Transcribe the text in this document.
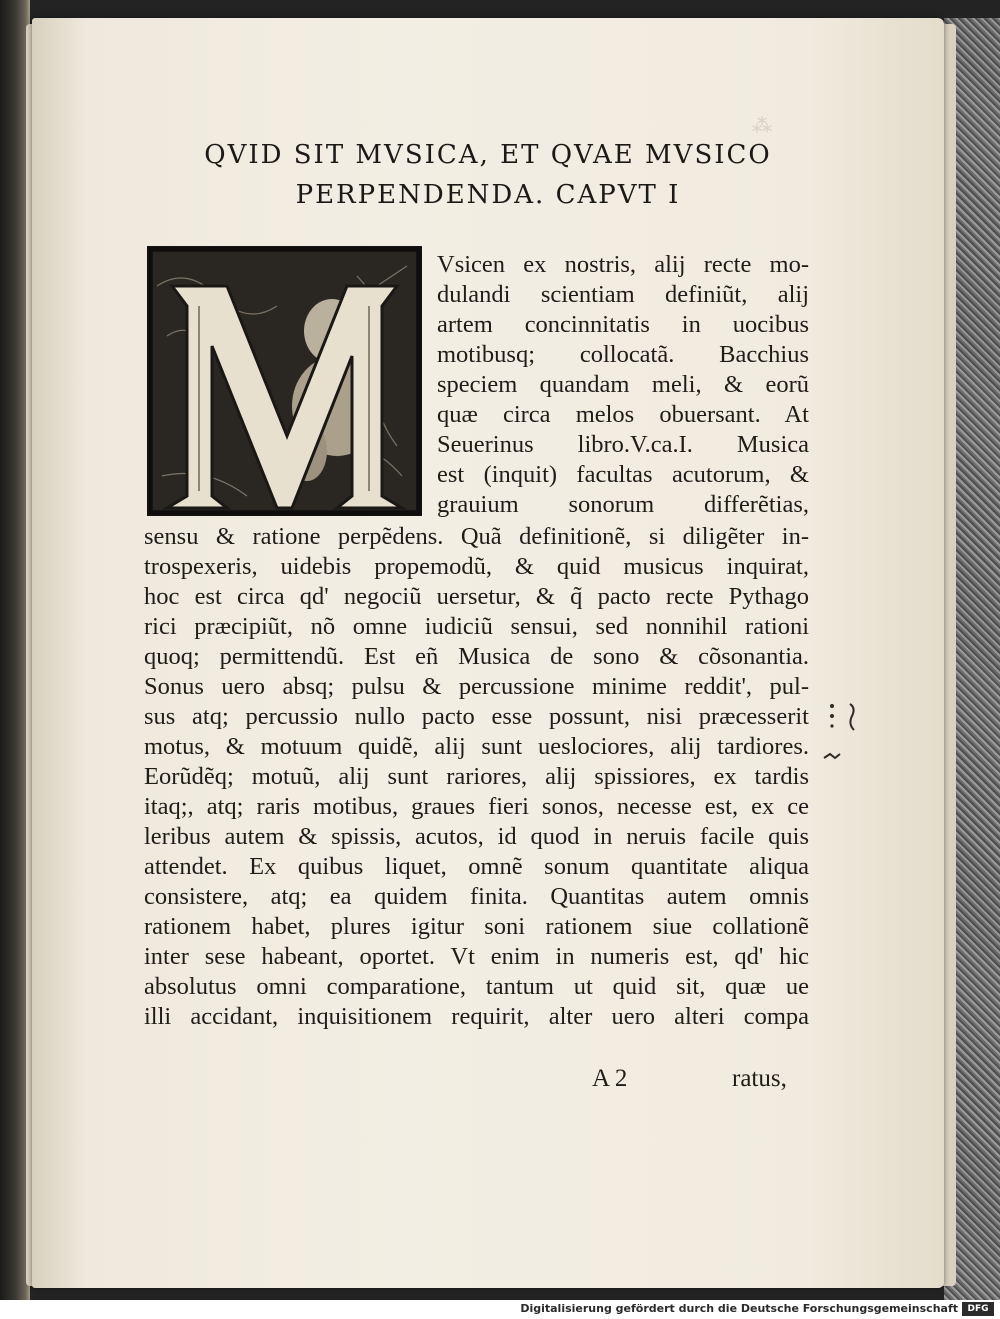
⁂
QVID SIT MVSICA, ET QVAE MVSICO
PERPENDENDA. CAPVT I
Vsicen ex nostris, alij recte mo-
dulandi scientiam definiũt, alij
artem concinnitatis in uocibus
motibusq; collocatã. Bacchius
speciem quandam meli, & eorũ
quæ circa melos obuersant. At
Seuerinus libro.V.ca.I. Musica
est (inquit) facultas acutorum, &
grauium sonorum differẽtias,
sensu & ratione perpẽdens. Quã definitionẽ, si diligẽter in-
trospexeris, uidebis propemodũ, & quid musicus inquirat,
hoc est circa qd' negociũ uersetur, & q̃ pacto recte Pythago
rici præcipiũt, nõ omne iudiciũ sensui, sed nonnihil rationi
quoq; permittendũ. Est eñ Musica de sono & cõsonantia.
Sonus uero absq; pulsu & percussione minime reddit', pul-
sus atq; percussio nullo pacto esse possunt, nisi præcesserit
motus, & motuum quidẽ, alij sunt ueslociores, alij tardiores.
Eorũdẽq; motuũ, alij sunt rariores, alij spissiores, ex tardis
itaq;, atq; raris motibus, graues fieri sonos, necesse est, ex ce
leribus autem & spissis, acutos, id quod in neruis facile quis
attendet. Ex quibus liquet, omnẽ sonum quantitate aliqua
consistere, atq; ea quidem finita. Quantitas autem omnis
rationem habet, plures igitur soni rationem siue collationẽ
inter sese habeant, oportet. Vt enim in numeris est, qd' hic
absolutus omni comparatione, tantum ut quid sit, quæ ue
illi accidant, inquisitionem requirit, alter uero alteri compa
A 2	ratus,
Digitalisierung gefördert durch die Deutsche Forschungsgemeinschaft	DFG
